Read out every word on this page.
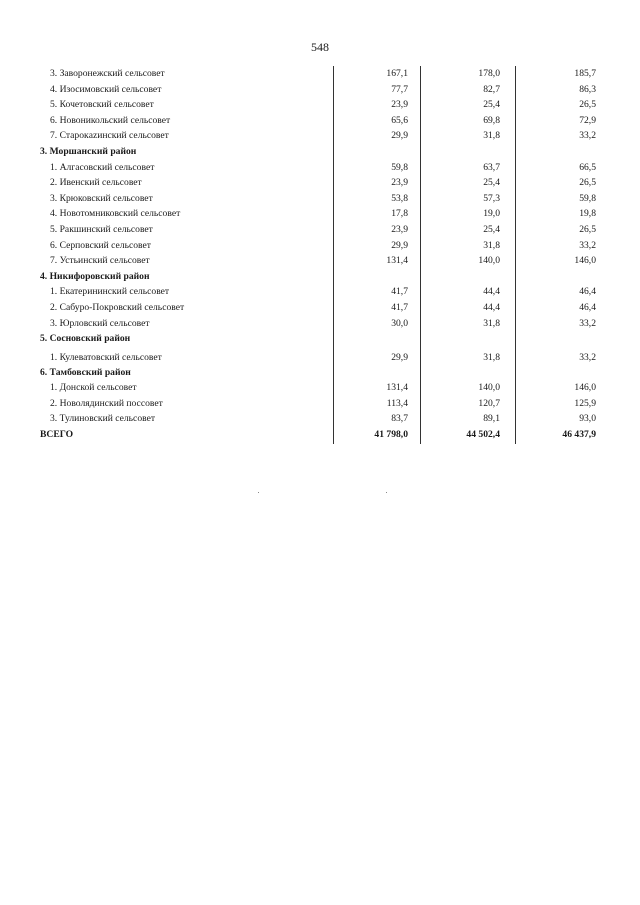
548
3. Заворонежский сельсовет	167,1	178,0	185,7
4. Изосимовский сельсовет	77,7	82,7	86,3
5. Кочетовский сельсовет	23,9	25,4	26,5
6. Новоникольский сельсовет	65,6	69,8	72,9
7. Старокazинский сельсовет	29,9	31,8	33,2
3. Моршанский район
1. Алгасовский сельсовет	59,8	63,7	66,5
2. Ивенский сельсовет	23,9	25,4	26,5
3. Крюковский сельсовет	53,8	57,3	59,8
4. Новотомниковский сельсовет	17,8	19,0	19,8
5. Ракшинский сельсовет	23,9	25,4	26,5
6. Серповский сельсовет	29,9	31,8	33,2
7. Устьинский сельсовет	131,4	140,0	146,0
4. Никифоровский район
1. Екатерининский сельсовет	41,7	44,4	46,4
2. Сабуро-Покровский сельсовет	41,7	44,4	46,4
3. Юрловский сельсовет	30,0	31,8	33,2
5. Сосновский район
1. Кулеватовский сельсовет	29,9	31,8	33,2
6. Тамбовский район
1. Донской сельсовет	131,4	140,0	146,0
2. Новолядинский поссовет	113,4	120,7	125,9
3. Тулиновский сельсовет	83,7	89,1	93,0
ВСЕГО	41 798,0	44 502,4	46 437,9
